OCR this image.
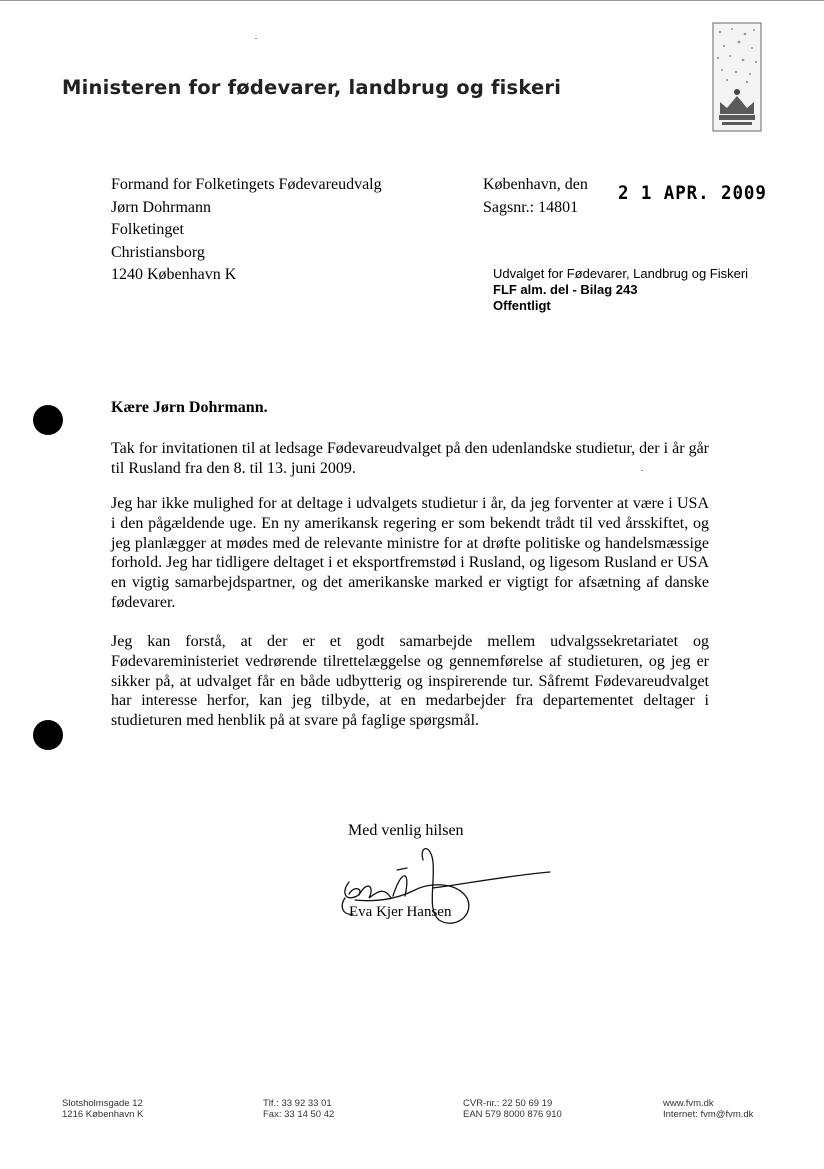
Ministeren for fødevarer, landbrug og fiskeri
Formand for Folketingets Fødevareudvalg
Jørn Dohrmann
Folketinget
Christiansborg
1240 København K
København, den
Sagsnr.: 14801
2 1 APR. 2009
Udvalget for Fødevarer, Landbrug og Fiskeri
FLF alm. del - Bilag 243
Offentligt
Kære Jørn Dohrmann.
Tak for invitationen til at ledsage Fødevareudvalget på den udenlandske studietur, der i år går til Rusland fra den 8. til 13. juni 2009.
Jeg har ikke mulighed for at deltage i udvalgets studietur i år, da jeg forventer at være i USA i den pågældende uge. En ny amerikansk regering er som bekendt trådt til ved årsskiftet, og jeg planlægger at mødes med de relevante ministre for at drøfte politiske og handelsmæssige forhold. Jeg har tidligere deltaget i et eksportfremstød i Rusland, og ligesom Rusland er USA en vigtig samarbejdspartner, og det amerikanske marked er vigtigt for afsætning af danske fødevarer.
Jeg kan forstå, at der er et godt samarbejde mellem udvalgssekretariatet og Fødevareministeriet vedrørende tilrettelæggelse og gennemførelse af studieturen, og jeg er sikker på, at udvalget får en både udbytterig og inspirerende tur. Såfremt Fødevareudvalget har interesse herfor, kan jeg tilbyde, at en medarbejder fra departementet deltager i studieturen med henblik på at svare på faglige spørgsmål.
Med venlig hilsen
Eva Kjer Hansen
Slotsholmsgade 12
1216 København K
Tlf.: 33 92 33 01
Fax: 33 14 50 42
CVR-nr.: 22 50 69 19
EAN 579 8000 876 910
www.fvm.dk
Internet: fvm@fvm.dk
